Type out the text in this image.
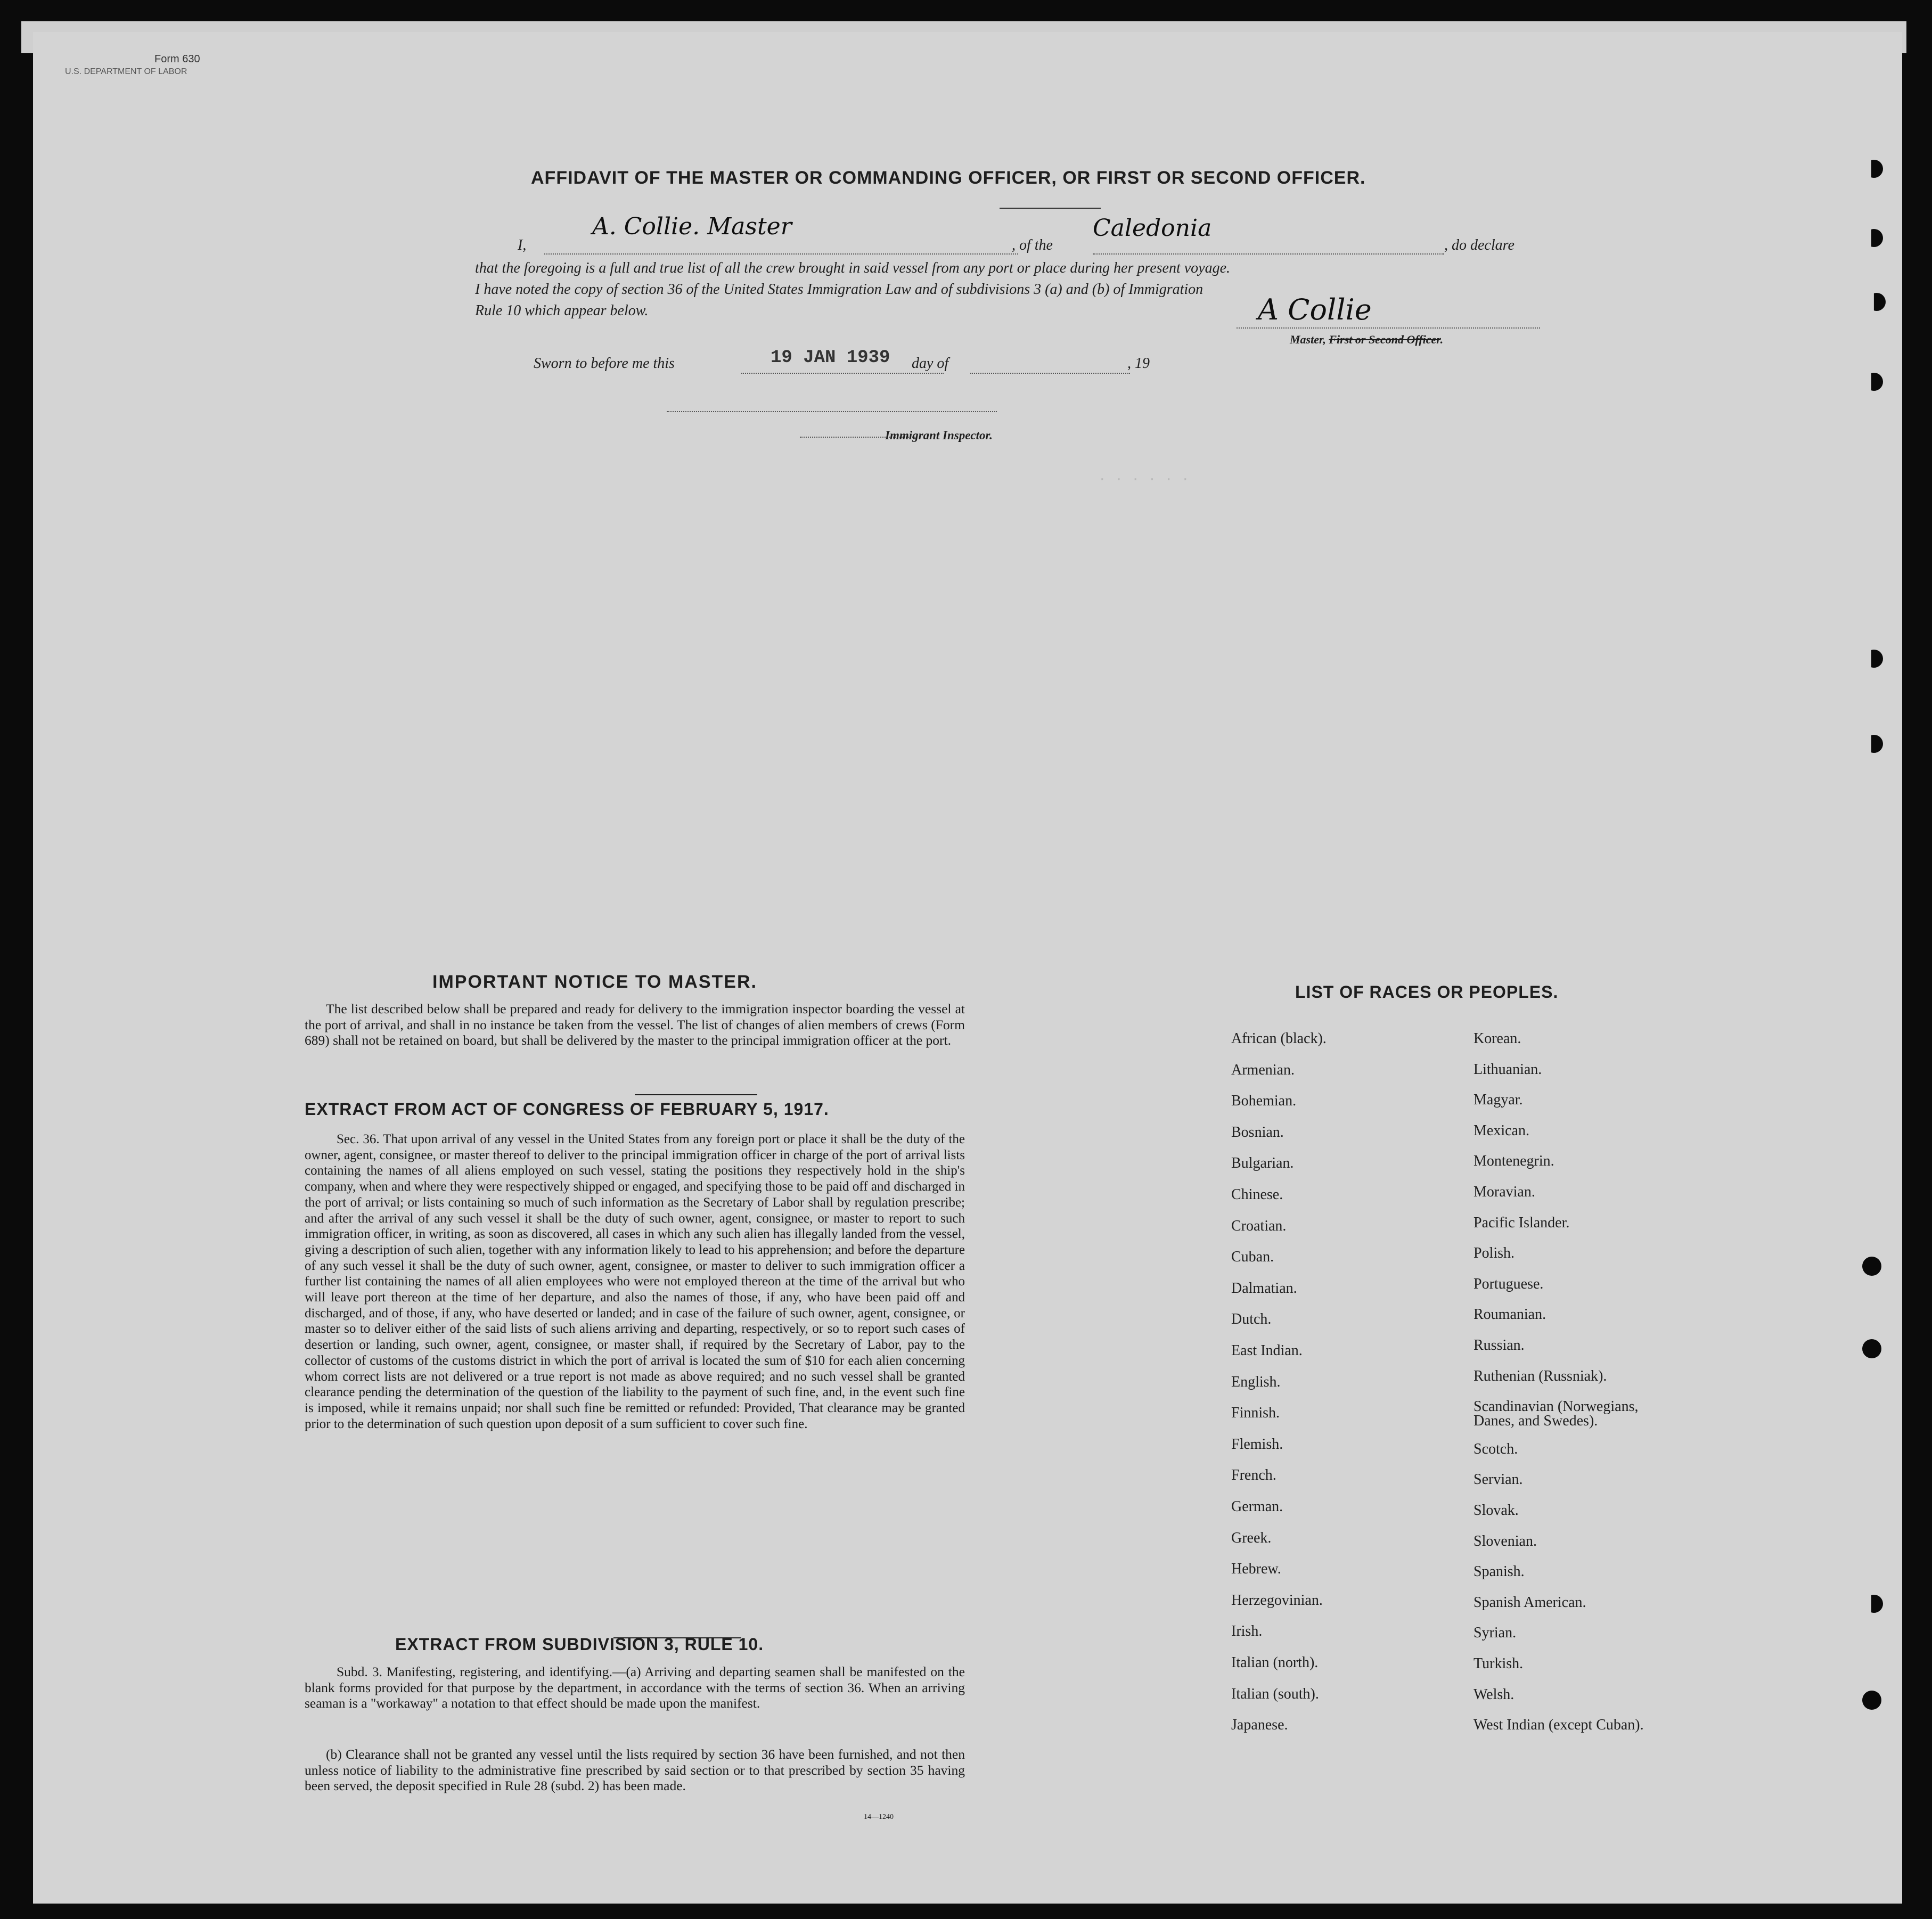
Form 630
U.S. DEPARTMENT OF LABOR
AFFIDAVIT OF THE MASTER OR COMMANDING OFFICER, OR FIRST OR SECOND OFFICER.
I,
A. Collie. Master
, of the
Caledonia
, do declare
that the foregoing is a full and true list of all the crew brought in said vessel from any port or place during her present voyage.
I have noted the copy of section 36 of the United States Immigration Law and of subdivisions 3 (a) and (b) of Immigration
Rule 10 which appear below.	A Collie
Master, First or Second Officer.
Sworn to before me this	19 JAN 1939 day of	, 19
Immigrant Inspector.
. . . . . .
IMPORTANT NOTICE TO MASTER.
The list described below shall be prepared and ready for delivery to the immigration inspector boarding the vessel at the port of arrival, and shall in no instance be taken from the vessel. The list of changes of alien members of crews (Form 689) shall not be retained on board, but shall be delivered by the master to the principal immigration officer at the port.
EXTRACT FROM ACT OF CONGRESS OF FEBRUARY 5, 1917.
Sec. 36. That upon arrival of any vessel in the United States from any foreign port or place it shall be the duty of the owner, agent, consignee, or master thereof to deliver to the principal immigration officer in charge of the port of arrival lists containing the names of all aliens employed on such vessel, stating the positions they respectively hold in the ship's company, when and where they were respectively shipped or engaged, and specifying those to be paid off and discharged in the port of arrival; or lists containing so much of such information as the Secretary of Labor shall by regulation prescribe; and after the arrival of any such vessel it shall be the duty of such owner, agent, consignee, or master to report to such immigration officer, in writing, as soon as discovered, all cases in which any such alien has illegally landed from the vessel, giving a description of such alien, together with any information likely to lead to his apprehension; and before the departure of any such vessel it shall be the duty of such owner, agent, consignee, or master to deliver to such immigration officer a further list containing the names of all alien employees who were not employed thereon at the time of the arrival but who will leave port thereon at the time of her departure, and also the names of those, if any, who have been paid off and discharged, and of those, if any, who have deserted or landed; and in case of the failure of such owner, agent, consignee, or master so to deliver either of the said lists of such aliens arriving and departing, respectively, or so to report such cases of desertion or landing, such owner, agent, consignee, or master shall, if required by the Secretary of Labor, pay to the collector of customs of the customs district in which the port of arrival is located the sum of $10 for each alien concerning whom correct lists are not delivered or a true report is not made as above required; and no such vessel shall be granted clearance pending the determination of the question of the liability to the payment of such fine, and, in the event such fine is imposed, while it remains unpaid; nor shall such fine be remitted or refunded: Provided, That clearance may be granted prior to the determination of such question upon deposit of a sum sufficient to cover such fine.
EXTRACT FROM SUBDIVISION 3, RULE 10.
Subd. 3. Manifesting, registering, and identifying.—(a) Arriving and departing seamen shall be manifested on the blank forms provided for that purpose by the department, in accordance with the terms of section 36. When an arriving seaman is a "workaway" a notation to that effect should be made upon the manifest.
(b) Clearance shall not be granted any vessel until the lists required by section 36 have been furnished, and not then unless notice of liability to the administrative fine prescribed by said section or to that prescribed by section 35 having been served, the deposit specified in Rule 28 (subd. 2) has been made.
14—1240
LIST OF RACES OR PEOPLES.
African (black).
Armenian.
Bohemian.
Bosnian.
Bulgarian.
Chinese.
Croatian.
Cuban.
Dalmatian.
Dutch.
East Indian.
English.
Finnish.
Flemish.
French.
German.
Greek.
Hebrew.
Herzegovinian.
Irish.
Italian (north).
Italian (south).
Japanese.
Korean.
Lithuanian.
Magyar.
Mexican.
Montenegrin.
Moravian.
Pacific Islander.
Polish.
Portuguese.
Roumanian.
Russian.
Ruthenian (Russniak).
Scandinavian (Norwegians,
Scotch.
Servian.
Slovak.
Slovenian.
Spanish.
Spanish American.
Syrian.
Turkish.
Welsh.
West Indian (except Cuban).
Danes, and Swedes).
